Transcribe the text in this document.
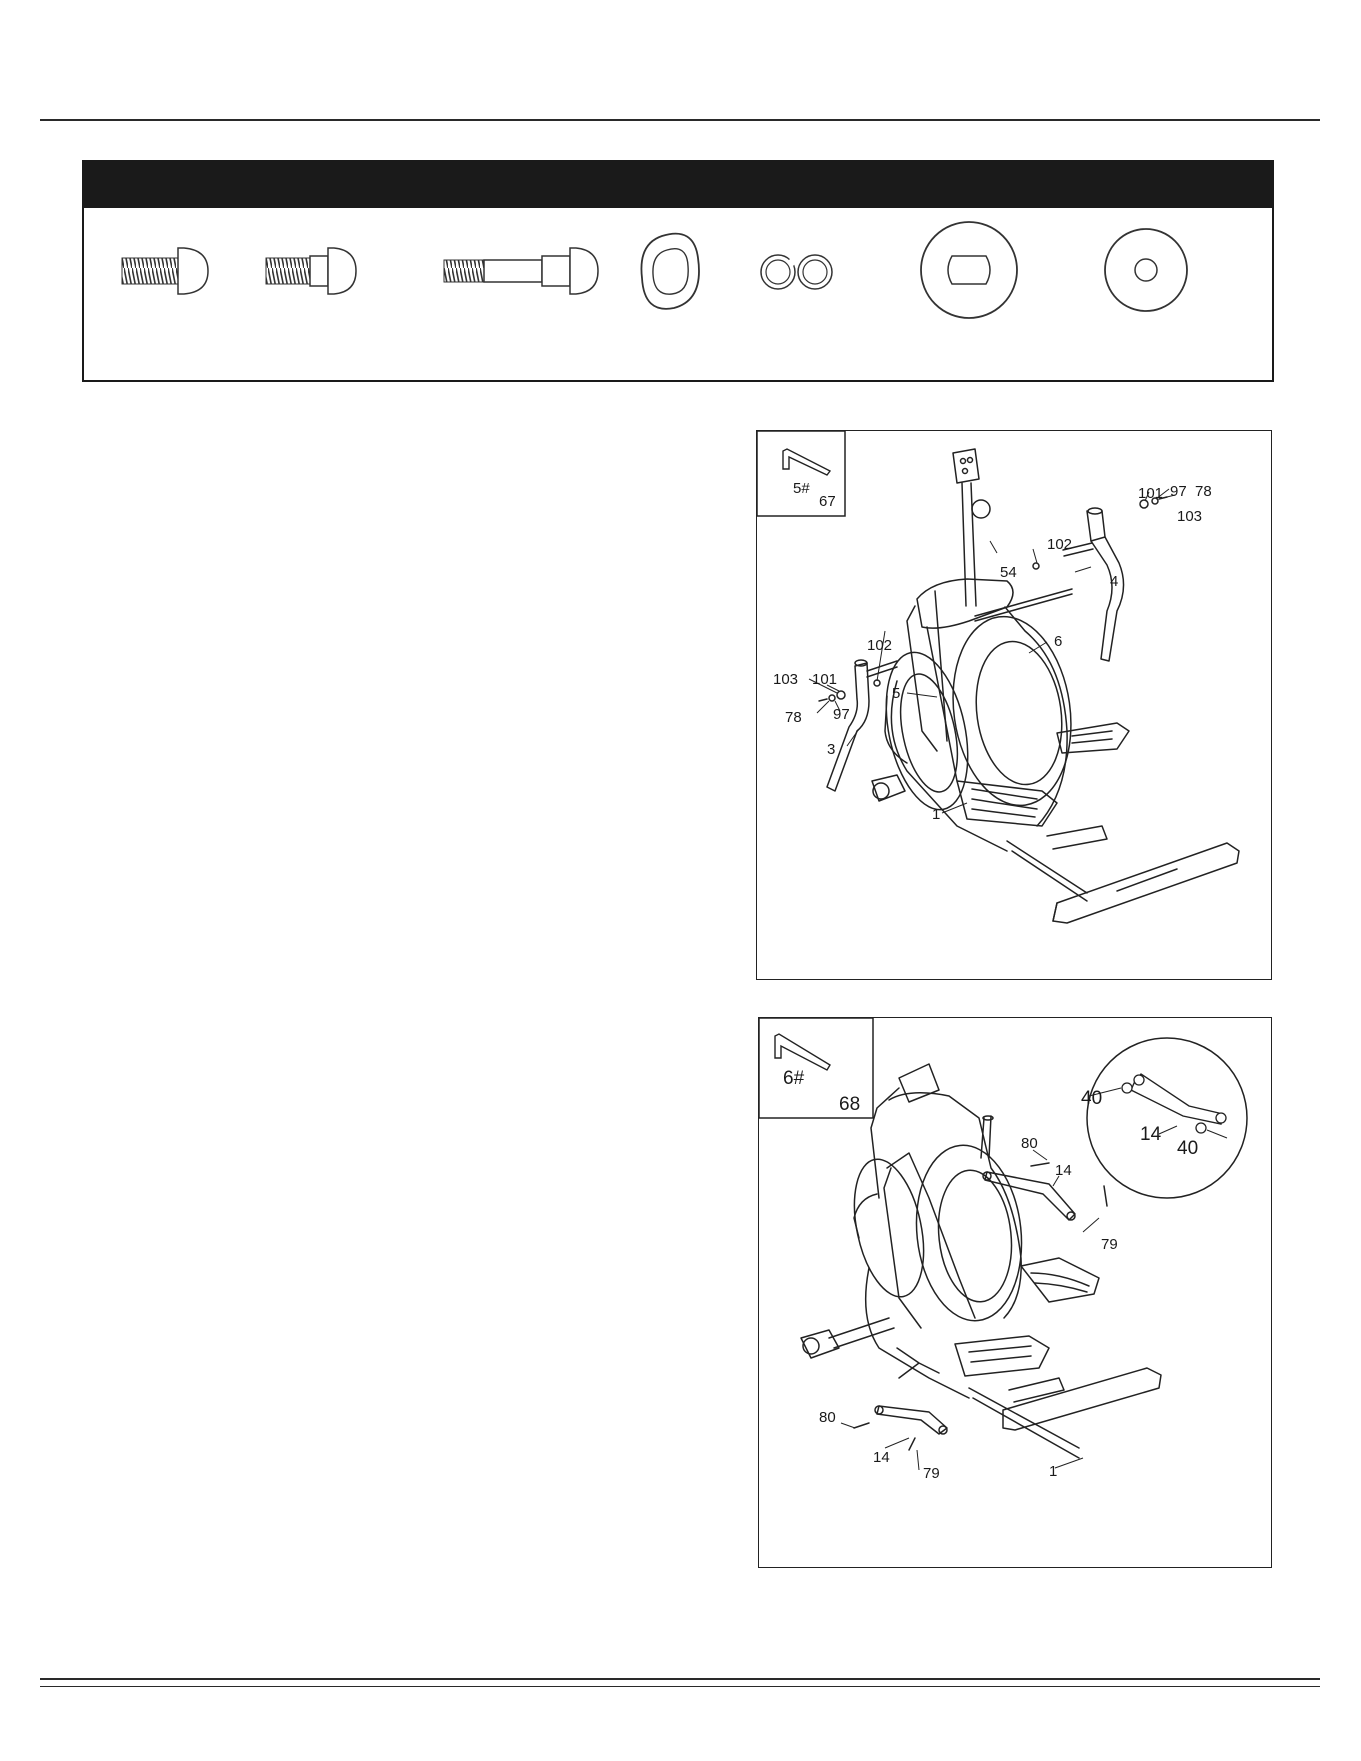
5#
67	101 97 78
103
102
54
4
6
102
103 101
5
78 97
3
1
6#
68	40
14
40
80
14
79
80
14
79	1
